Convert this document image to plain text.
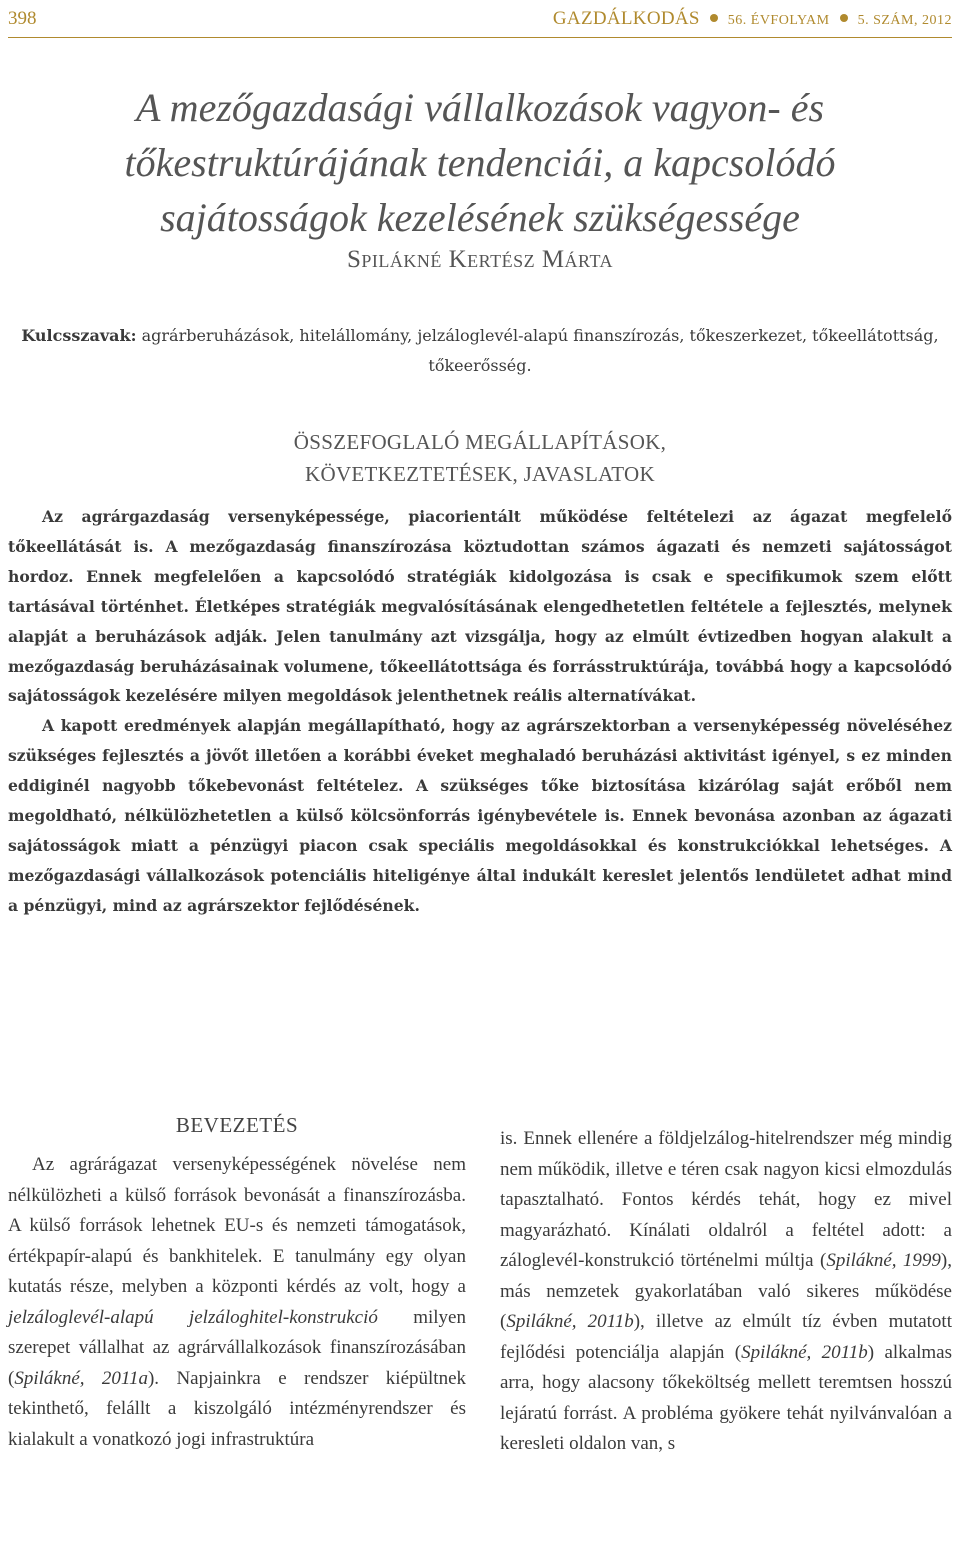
398	GAZDÁLKODÁS 56. ÉVFOLYAM 5. SZÁM, 2012
A mezőgazdasági vállalkozások vagyon- és tőkestruktúrájának tendenciái, a kapcsolódó sajátosságok kezelésének szükségessége
Spilákné Kertész Márta
Kulcsszavak: agrárberuházások, hitelállomány, jelzáloglevél-alapú finanszírozás, tőkeszerkezet, tőkeellátottság, tőkeerősség.
ÖSSZEFOGLALÓ MEGÁLLAPÍTÁSOK,
KÖVETKEZTETÉSEK, JAVASLATOK

Az agrárgazdaság versenyképessége, piacorientált működése feltételezi az ágazat megfelelő tőkeellátását is. A mezőgazdaság finanszírozása köztudottan számos ágazati és nemzeti sajátosságot hordoz. Ennek megfelelően a kapcsolódó stratégiák kidolgozása is csak e specifikumok szem előtt tartásával történhet. Életképes stratégiák megvalósításának elengedhetetlen feltétele a fejlesztés, melynek alapját a beruházások adják. Jelen tanulmány azt vizsgálja, hogy az elmúlt évtizedben hogyan alakult a mezőgazdaság beruházásainak volumene, tőkeellátottsága és forrásstruktúrája, továbbá hogy a kapcsolódó sajátosságok kezelésére milyen megoldások jelenthetnek reális alternatívákat.

A kapott eredmények alapján megállapítható, hogy az agrárszektorban a versenyképesség növeléséhez szükséges fejlesztés a jövőt illetően a korábbi éveket meghaladó beruházási aktivitást igényel, s ez minden eddiginél nagyobb tőkebevonást feltételez. A szükséges tőke biztosítása kizárólag saját erőből nem megoldható, nélkülözhetetlen a külső kölcsönforrás igénybevétele is. Ennek bevonása azonban az ágazati sajátosságok miatt a pénzügyi piacon csak speciális megoldásokkal és konstrukciókkal lehetséges. A mezőgazdasági vállalkozások potenciális hiteligénye által indukált kereslet jelentős lendületet adhat mind a pénzügyi, mind az agrárszektor fejlődésének.

BEVEZETÉS

Az agrárágazat versenyképességének növelése nem nélkülözheti a külső források bevonását a finanszírozásba. A külső források lehetnek EU-s és nemzeti támogatások, értékpapír-alapú és bankhitelek. E tanulmány egy olyan kutatás része, melyben a központi kérdés az volt, hogy a jelzáloglevél-alapú jelzáloghitel-konstrukció milyen szerepet vállalhat az agrárvállalkozások finanszírozásában (Spilákné, 2011a). Napjainkra e rendszer kiépültnek tekinthető, felállt a kiszolgáló intézményrendszer és kialakult a vonatkozó jogi infrastruktúra

is. Ennek ellenére a földjelzálog-hitelrendszer még mindig nem működik, illetve e téren csak nagyon kicsi elmozdulás tapasztalható. Fontos kérdés tehát, hogy ez mivel magyarázható. Kínálati oldalról a feltétel adott: a záloglevél-konstrukció történelmi múltja (Spilákné, 1999), más nemzetek gyakorlatában való sikeres működése (Spilákné, 2011b), illetve az elmúlt tíz évben mutatott fejlődési potenciálja alapján (Spilákné, 2011b) alkalmas arra, hogy alacsony tőkeköltség mellett teremtsen hosszú lejáratú forrást. A probléma gyökere tehát nyilvánvalóan a keresleti oldalon van, s
